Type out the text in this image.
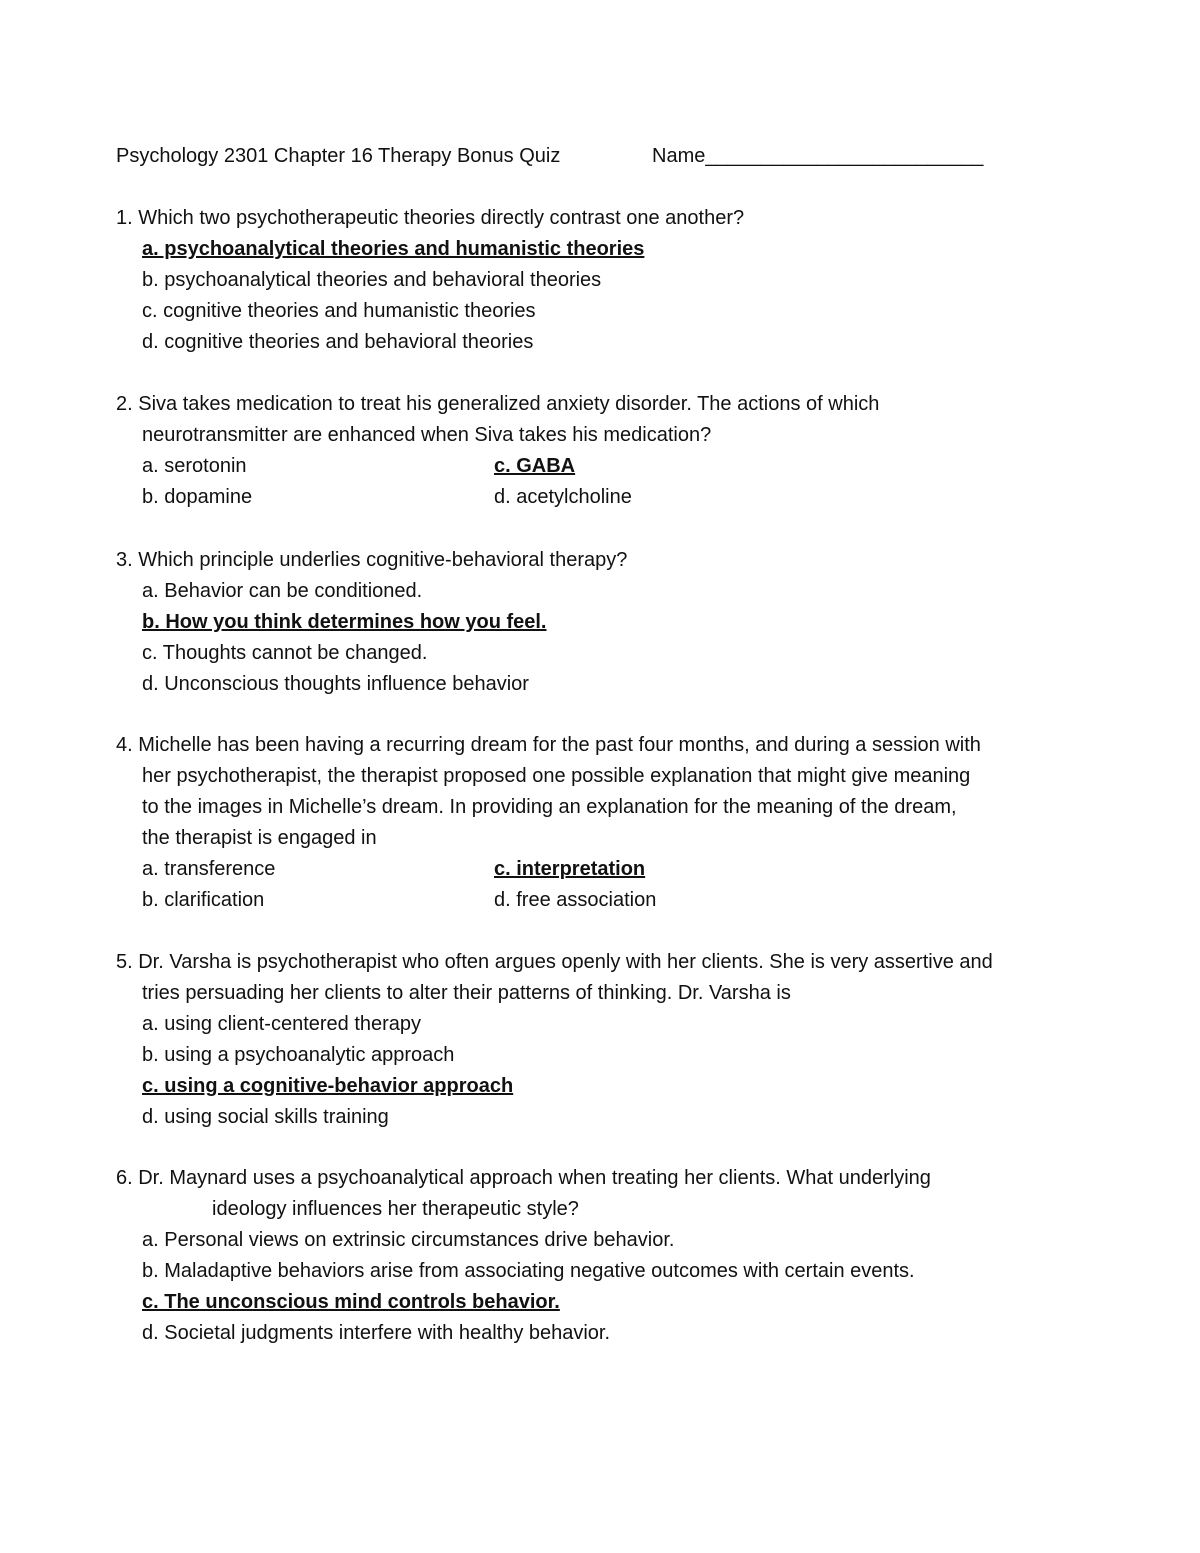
Psychology 2301 Chapter 16 Therapy Bonus Quiz	Name_________________________
1. Which two psychotherapeutic theories directly contrast one another?
a. psychoanalytical theories and humanistic theories
b. psychoanalytical theories and behavioral theories
c. cognitive theories and humanistic theories
d. cognitive theories and behavioral theories
2. Siva takes medication to treat his generalized anxiety disorder. The actions of which
neurotransmitter are enhanced when Siva takes his medication?
a. serotonin	c. GABA
b. dopamine	d. acetylcholine
3. Which principle underlies cognitive-behavioral therapy?
a. Behavior can be conditioned.
b. How you think determines how you feel.
c. Thoughts cannot be changed.
d. Unconscious thoughts influence behavior
4. Michelle has been having a recurring dream for the past four months, and during a session with
her psychotherapist, the therapist proposed one possible explanation that might give meaning
to the images in Michelle’s dream. In providing an explanation for the meaning of the dream,
the therapist is engaged in
a. transference	c. interpretation
b. clarification	d. free association
5. Dr. Varsha is psychotherapist who often argues openly with her clients. She is very assertive and
tries persuading her clients to alter their patterns of thinking. Dr. Varsha is
a. using client-centered therapy
b. using a psychoanalytic approach
c. using a cognitive-behavior approach
d. using social skills training
6. Dr. Maynard uses a psychoanalytical approach when treating her clients. What underlying
ideology influences her therapeutic style?
a. Personal views on extrinsic circumstances drive behavior.
b. Maladaptive behaviors arise from associating negative outcomes with certain events.
c. The unconscious mind controls behavior.
d. Societal judgments interfere with healthy behavior.
